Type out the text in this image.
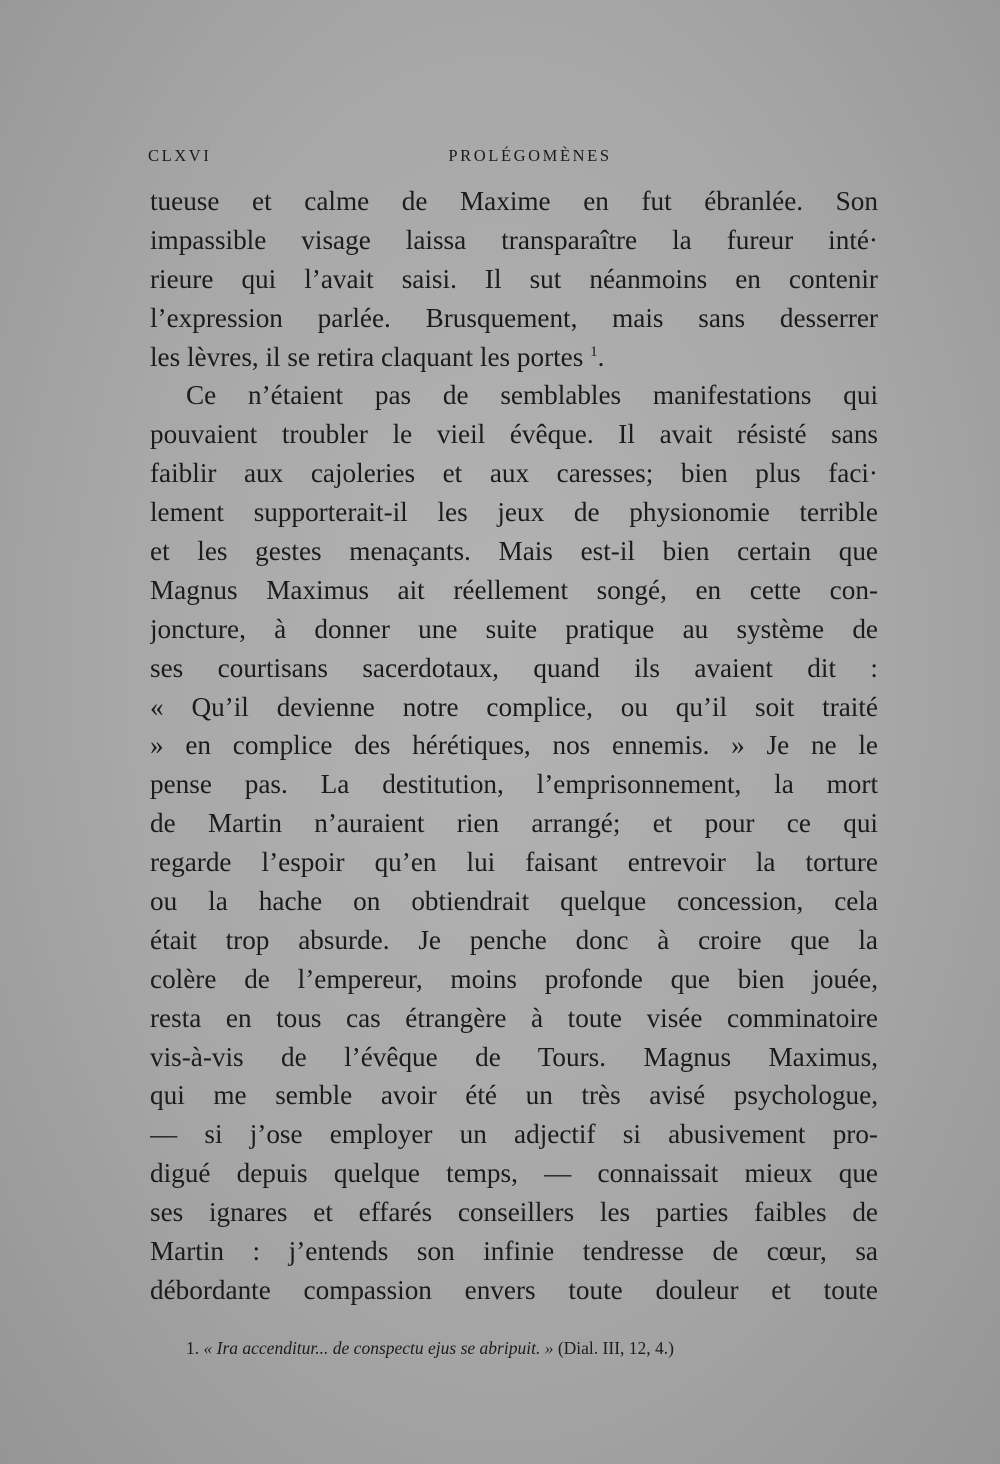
CLXVI	PROLÉGOMÈNES
tueuse et calme de Maxime en fut ébranlée. Son
impassible visage laissa transparaître la fureur inté·
rieure qui l’avait saisi. Il sut néanmoins en contenir
l’expression parlée. Brusquement, mais sans desserrer
les lèvres, il se retira claquant les portes $^1$.
Ce n’étaient pas de semblables manifestations qui
pouvaient troubler le vieil évêque. Il avait résisté sans
faiblir aux cajoleries et aux caresses; bien plus faci·
lement supporterait-il les jeux de physionomie terrible
et les gestes menaçants. Mais est-il bien certain que
Magnus Maximus ait réellement songé, en cette con-
joncture, à donner une suite pratique au système de
ses courtisans sacerdotaux, quand ils avaient dit :
« Qu’il devienne notre complice, ou qu’il soit traité
» en complice des hérétiques, nos ennemis. » Je ne le
pense pas. La destitution, l’emprisonnement, la mort
de Martin n’auraient rien arrangé; et pour ce qui
regarde l’espoir qu’en lui faisant entrevoir la torture
ou la hache on obtiendrait quelque concession, cela
était trop absurde. Je penche donc à croire que la
colère de l’empereur, moins profonde que bien jouée,
resta en tous cas étrangère à toute visée comminatoire
vis-à-vis de l’évêque de Tours. Magnus Maximus,
qui me semble avoir été un très avisé psychologue,
— si j’ose employer un adjectif si abusivement pro-
digué depuis quelque temps, — connaissait mieux que
ses ignares et effarés conseillers les parties faibles de
Martin : j’entends son infinie tendresse de cœur, sa
débordante compassion envers toute douleur et toute
1. « Ira accenditur... de conspectu ejus se abripuit. » (Dial. III, 12, 4.)
